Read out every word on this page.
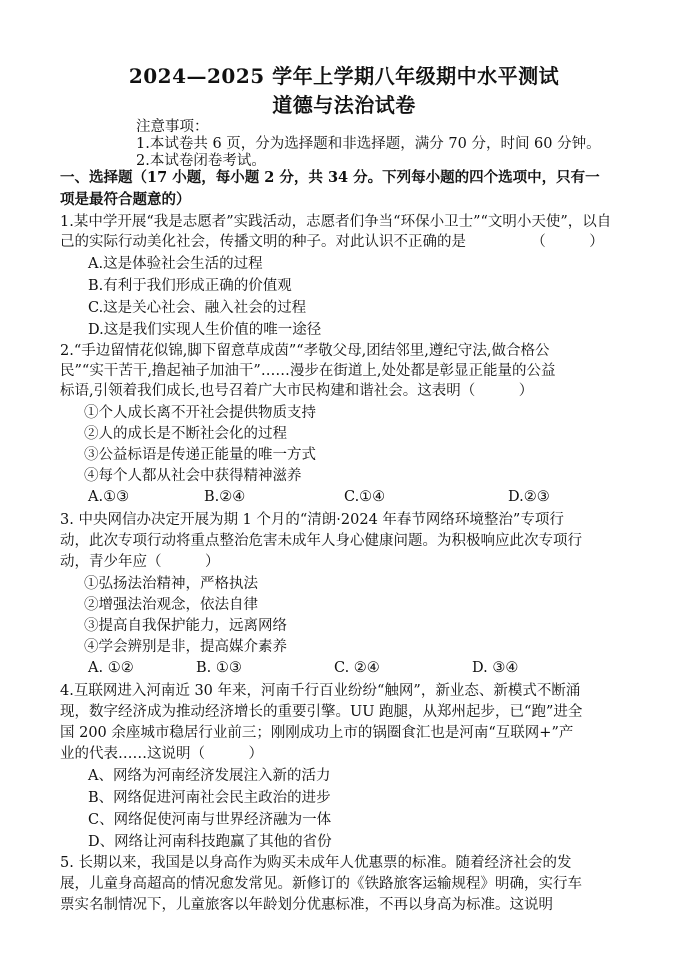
2024—2025 学年上学期八年级期中水平测试
道德与法治试卷
注意事项：
1.本试卷共 6 页，分为选择题和非选择题，满分 70 分，时间 60 分钟。
2.本试卷闭卷考试。
一、选择题（17 小题，每小题 2 分，共 34 分。下列每小题的四个选项中，只有一
项是最符合题意的）
1.某中学开展“我是志愿者”实践活动，志愿者们争当“环保小卫士”“文明小天使”，以自
己的实际行动美化社会，传播文明的种子。对此认识不正确的是　　　　　（　　　）
A.这是体验社会生活的过程
B.有利于我们形成正确的价值观
C.这是关心社会、融入社会的过程
D.这是我们实现人生价值的唯一途径
2.“手边留情花似锦,脚下留意草成茵”“孝敬父母,团结邻里,遵纪守法,做合格公
民”“实干苦干,撸起袖子加油干”……漫步在街道上,处处都是彰显正能量的公益
标语,引领着我们成长,也号召着广大市民构建和谐社会。这表明（　　　）
①个人成长离不开社会提供物质支持
②人的成长是不断社会化的过程
③公益标语是传递正能量的唯一方式
④每个人都从社会中获得精神滋养
A.①③	B.②④	C.①④	D.②③
3. 中央网信办决定开展为期 1 个月的“清朗·2024 年春节网络环境整治”专项行
动，此次专项行动将重点整治危害未成年人身心健康问题。为积极响应此次专项行
动，青少年应（　　　）
①弘扬法治精神，严格执法
②增强法治观念，依法自律
③提高自我保护能力，远离网络
④学会辨别是非，提高媒介素养
A. ①②	B. ①③	C. ②④	D. ③④
4.互联网进入河南近 30 年来，河南千行百业纷纷“触网”，新业态、新模式不断涌
现，数字经济成为推动经济增长的重要引擎。UU 跑腿，从郑州起步，已“跑”进全
国 200 余座城市稳居行业前三；刚刚成功上市的锅圈食汇也是河南“互联网+”产
业的代表……这说明（　　　）
A、网络为河南经济发展注入新的活力
B、网络促进河南社会民主政治的进步
C、网络促使河南与世界经济融为一体
D、网络让河南科技跑赢了其他的省份
5. 长期以来，我国是以身高作为购买未成年人优惠票的标准。随着经济社会的发
展，儿童身高超高的情况愈发常见。新修订的《铁路旅客运输规程》明确，实行车
票实名制情况下，儿童旅客以年龄划分优惠标准，不再以身高为标准。这说明
